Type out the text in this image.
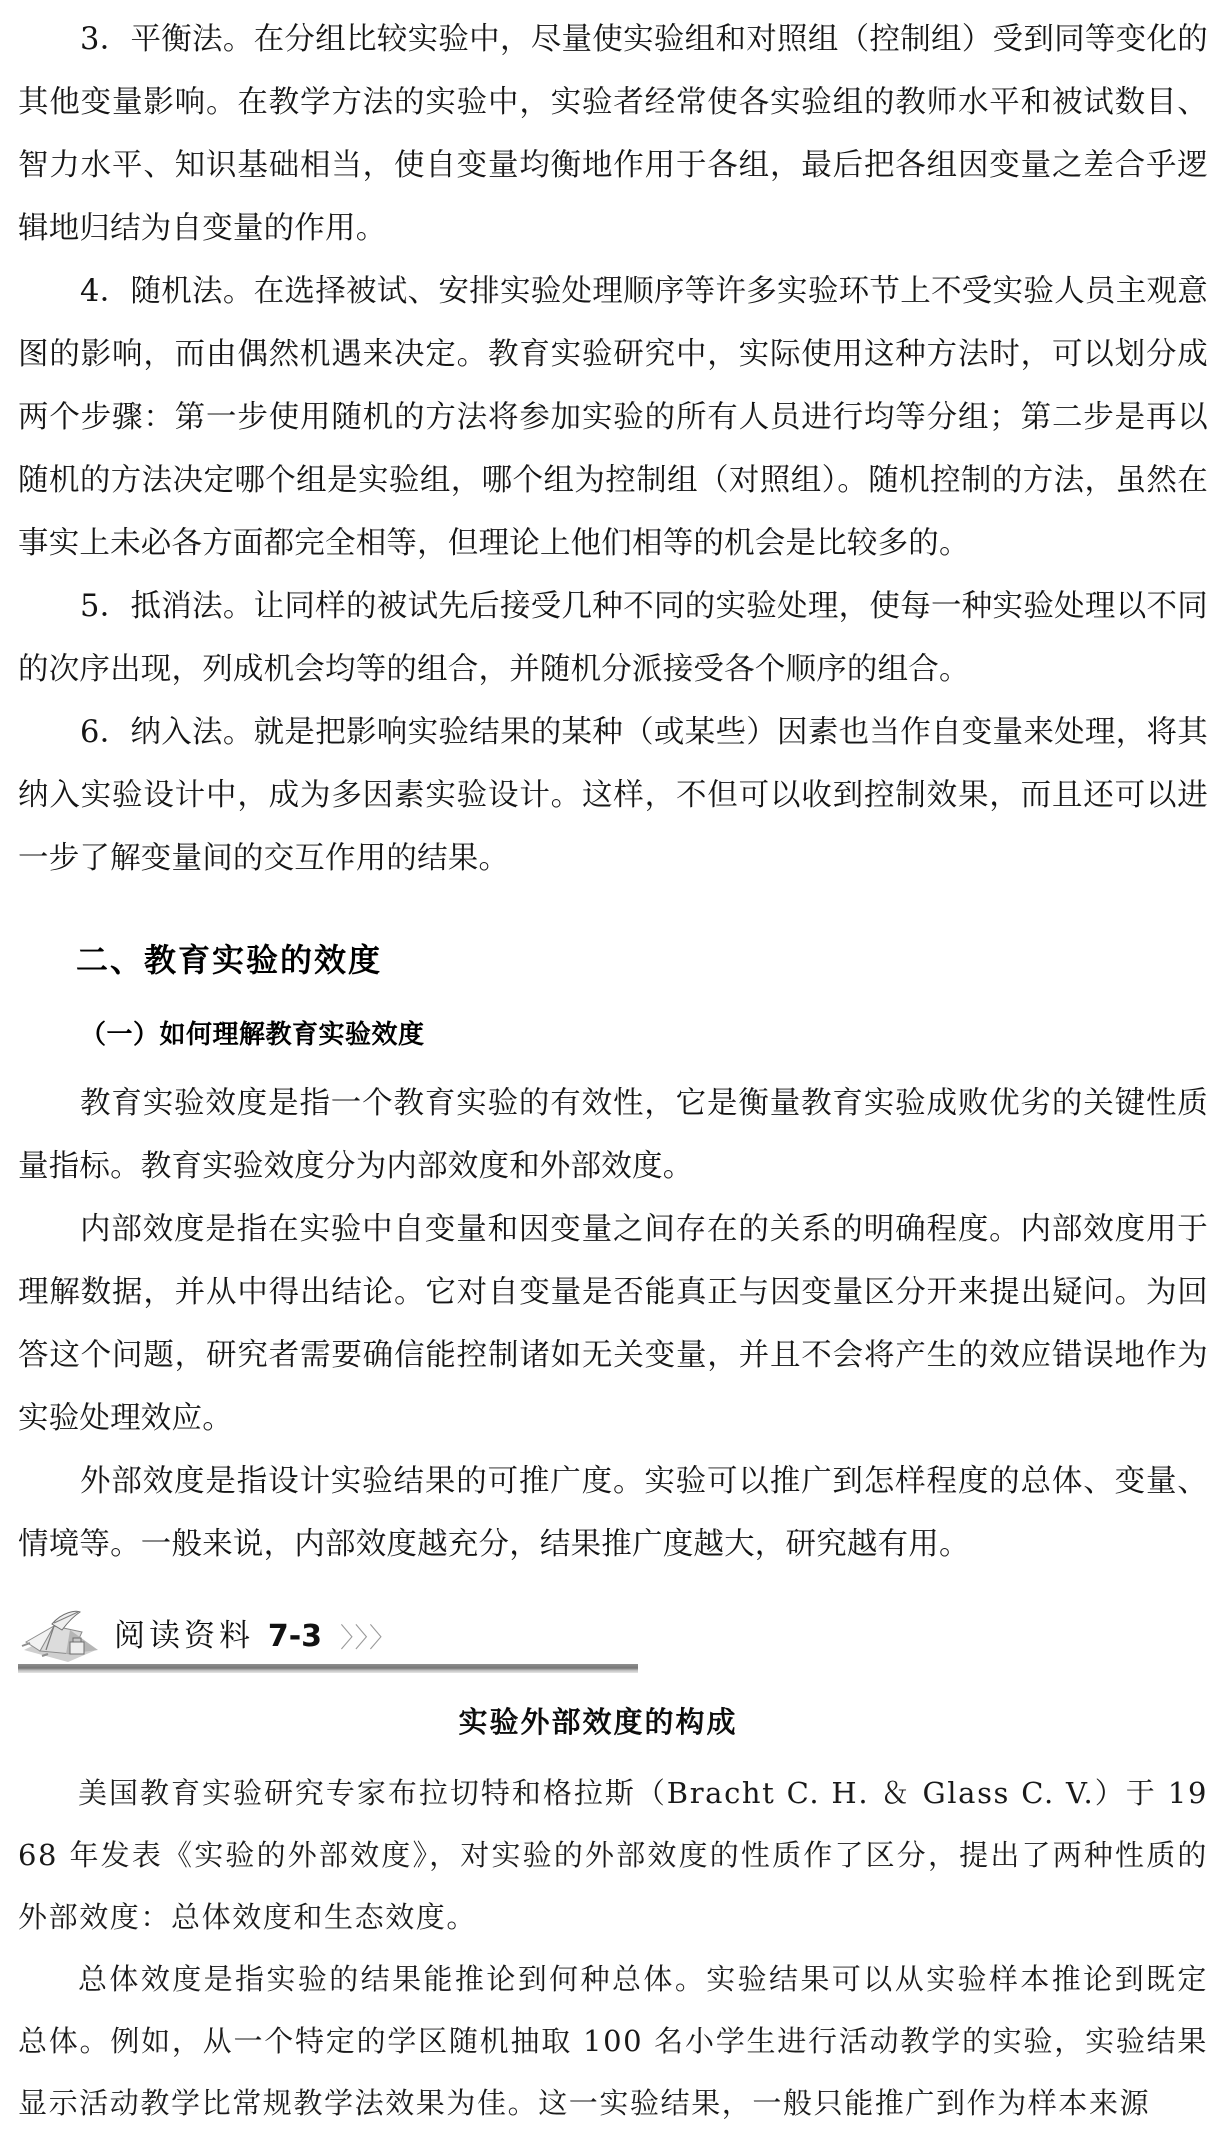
3．平衡法。在分组比较实验中，尽量使实验组和对照组（控制组）受到同等变化的其他变量影响。在教学方法的实验中，实验者经常使各实验组的教师水平和被试数目、智力水平、知识基础相当，使自变量均衡地作用于各组，最后把各组因变量之差合乎逻辑地归结为自变量的作用。

4．随机法。在选择被试、安排实验处理顺序等许多实验环节上不受实验人员主观意图的影响，而由偶然机遇来决定。教育实验研究中，实际使用这种方法时，可以划分成两个步骤：第一步使用随机的方法将参加实验的所有人员进行均等分组；第二步是再以随机的方法决定哪个组是实验组，哪个组为控制组（对照组）。随机控制的方法，虽然在事实上未必各方面都完全相等，但理论上他们相等的机会是比较多的。

5．抵消法。让同样的被试先后接受几种不同的实验处理，使每一种实验处理以不同的次序出现，列成机会均等的组合，并随机分派接受各个顺序的组合。

6．纳入法。就是把影响实验结果的某种（或某些）因素也当作自变量来处理，将其纳入实验设计中，成为多因素实验设计。这样，不但可以收到控制效果，而且还可以进一步了解变量间的交互作用的结果。

二、教育实验的效度
（一）如何理解教育实验效度

教育实验效度是指一个教育实验的有效性，它是衡量教育实验成败优劣的关键性质量指标。教育实验效度分为内部效度和外部效度。

内部效度是指在实验中自变量和因变量之间存在的关系的明确程度。内部效度用于理解数据，并从中得出结论。它对自变量是否能真正与因变量区分开来提出疑问。为回答这个问题，研究者需要确信能控制诸如无关变量，并且不会将产生的效应错误地作为实验处理效应。

外部效度是指设计实验结果的可推广度。实验可以推广到怎样程度的总体、变量、情境等。一般来说，内部效度越充分，结果推广度越大，研究越有用。

阅读资料 7-3 〉〉〉
实验外部效度的构成

美国教育实验研究专家布拉切特和格拉斯（Bracht C. H. ＆ Glass C. V.）于 1968 年发表《实验的外部效度》，对实验的外部效度的性质作了区分，提出了两种性质的外部效度：总体效度和生态效度。

总体效度是指实验的结果能推论到何种总体。实验结果可以从实验样本推论到既定总体。例如，从一个特定的学区随机抽取 100 名小学生进行活动教学的实验，实验结果显示活动教学比常规教学法效果为佳。这一实验结果，一般只能推广到作为样本来源
